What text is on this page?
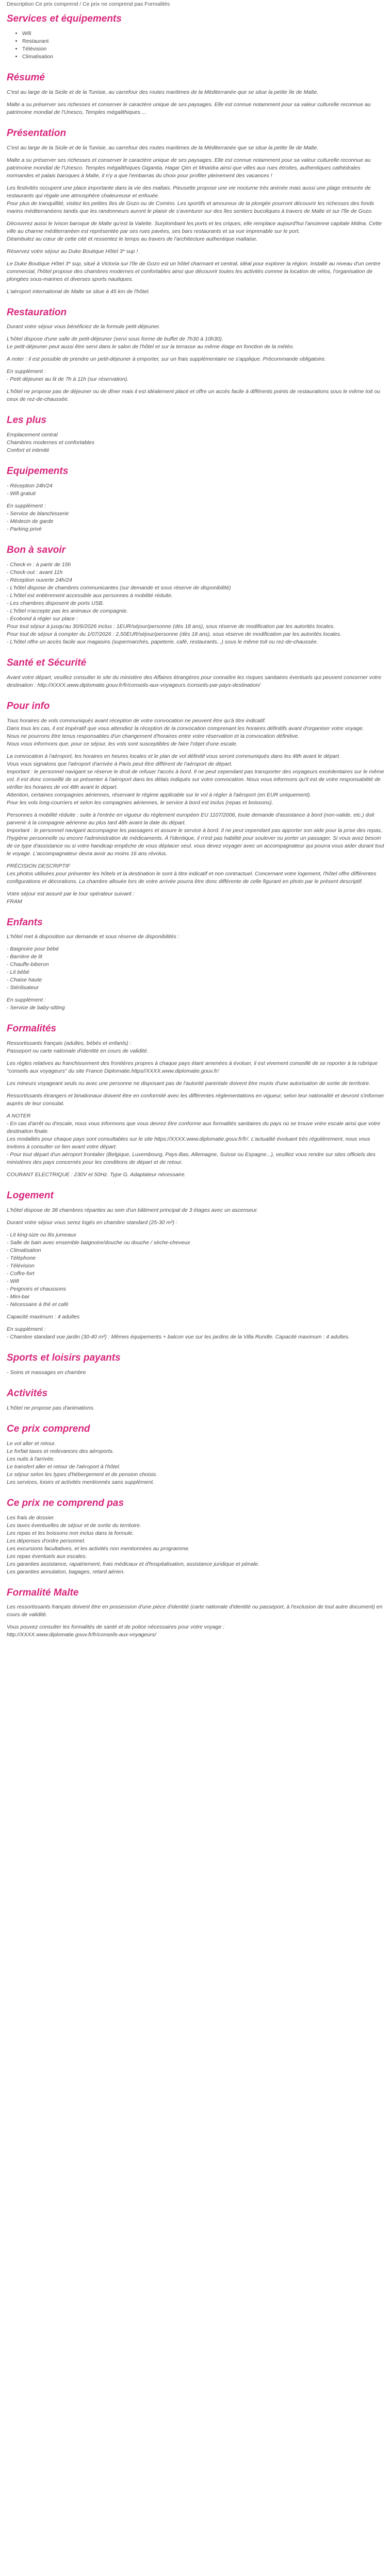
Description Ce prix comprend / Ce prix ne comprend pas Formalités
Services et équipements
• Wifi
• Restaurant
• Télévision
• Climatisation
Résumé

C'est au large de la Sicile et de la Tunisie, au carrefour des routes maritimes de la Méditerranée que se situe la petite île de Malte.

Malte a su préserver ses richesses et conserver le caractère unique de ses paysages. Elle est connue notamment pour sa valeur culturelle reconnue au patrimoine mondial de l'Unesco, Temples mégalithiques ...

Présentation

C'est au large de la Sicile et de la Tunisie, au carrefour des routes maritimes de la Méditerranée que se situe la petite île de Malte.

Malte a su préserver ses richesses et conserver le caractère unique de ses paysages. Elle est connue notamment pour sa valeur culturelle reconnue au patrimoine mondial de l'Unesco. Temples mégalithiques Gigantia, Hagar Qim et Mnaïdra ainsi que villes aux rues étroites, authentiques cathédrales normandes et palais baroques à Malte, il n'y a que l'embarras du choix pour profiter pleinement des vacances !

Les festivités occupent une place importante dans la vie des maltais. Pieusette propose une vie nocturne très animée mais aussi une plage entourée de restaurants qui régale une atmosphère chaleureuse et enfouée.
Pour plus de tranquillité, visitez les petites îles de Gozo ou de Comino. Les sportifs et amoureux de la plongée pourront découvrir les richesses des fonds marins méditerranéens tandis que les randonneurs auront le plaisir de s'aventurer sur des îles sentiers bucoliques à travers de Malte et sur l'île de Gozo.

Découvrez aussi le Ivison baroque de Malte qu'est la Valette. Surplombant les ports et les criques, elle remplace aujourd'hui l'ancienne capitale Mdina. Cette ville au charme méditerranéen est représentée par ses rues pavées, ses bars restaurants et sa vue imprenable sur le port.
Déambulez au cœur de cette cité et ressentez le temps au travers de l'architecture authentique maltaise.

Réservez votre séjour au Duke Boutique Hôtel 3* sup !

Le Duke Boutique Hôtel 3* sup, situé à Victoria sur l'île de Gozo est un hôtel charmant et central, idéal pour explorer la région. Installé au niveau d'un centre commercial, l'hôtel propose des chambres modernes et confortables ainsi que découvrir toutes les activités comme la location de vélos, l'organisation de plongées sous-marines et diverses sports nautiques.

L'aéroport international de Malte se situe à 45 km de l'hôtel.

Restauration

Durant votre séjour vous bénéficiez de la formule petit-déjeuner.

L'hôtel dispose d'une salle de petit-déjeuner (servi sous forme de buffet de 7h30 à 10h30).
Le petit-déjeuner peut aussi être servi dans le salon de l'hôtel et sur la terrasse au même étage en fonction de la météo.

A noter : il est possible de prendre un petit-déjeuner à emporter, sur un frais supplémentaire ne s'applique. Précommande obligatoire.

En supplément :
- Petit déjeuner au lit de 7h à 11h (sur réservation).

L'hôtel ne propose pas de déjeuner ou de dîner mais il est idéalement placé et offre un accès facile à différents points de restaurations sous le même toit ou ceux de rez-de-chaussée.

Les plus

Emplacement central
Chambres modernes et confortables
Confort et intimité

Equipements

- Réception 24h/24
- Wifi gratuit

En supplément :
- Service de blanchisserie
- Médecin de garde
- Parking privé

Bon à savoir

- Check-in : à partir de 15h
- Check-out : avant 11h
- Réception ouverte 24h/24
- L'hôtel dispose de chambres communicantes (sur demande et sous réserve de disponibilité)
- L'hôtel est entièrement accessible aux personnes à mobilité réduite.
- Les chambres disposent de ports USB.
- L'hôtel n'accepte pas les animaux de compagnie.
- Écobond à régler sur place :
Pour tout séjour à jusqu'au 30/6/2026 inclus : 1EUR/séjour/personne (dès 18 ans), sous réserve de modification par les autorités locales.
Pour tout de séjour à compter du 1/07/2026 : 2,50EUR/séjour/personne (dès 18 ans), sous réserve de modification par les autorités locales.
- L'hôtel offre un accès facile aux magasins (supermarchés, papeterie, café, restaurants...) sous le même toit ou rez-de-chaussée.

Santé et Sécurité

Avant votre départ, veuillez consulter le site du ministère des Affaires étrangères pour connaître les risques sanitaires éventuels qui peuvent concerner votre destination : http://XXXX.www.diplomatie.gouv.fr/fr/conseils-aux-voyageurs /conseils-par-pays-destination/

Pour info

Tous horaires de vols communiqués avant réception de votre convocation ne peuvent être qu'à titre indicatif.
Dans tous les cas, il est impératif que vous attendiez la réception de la convocation comprenant les horaires définitifs avant d'organiser votre voyage.
Nous ne pourrons être tenus responsables d'un changement d'horaires entre votre réservation et la convocation définitive.
Nous vous informons que, pour ce séjour, les vols sont susceptibles de faire l'objet d'une escale.

La convocation à l'aéroport, les horaires en heures locales et le plan de vol définitif vous seront communiqués dans les 48h avant le départ.
Vous vous signalons que l'aéroport d'arrivée à Paris peut être différent de l'aéroport de départ.
Important : le personnel navigant se réserve le droit de refuser l'accès à bord. Il ne peut cependant pas transporter des voyageurs excédentaires sur le même vol. Il est donc conseillé de se présenter à l'aéroport dans les délais indiqués sur votre convocation. Nous vous informons qu'il est de votre responsabilité de vérifier les horaires de vol 48h avant le départ.
Attention, certaines compagnies aériennes, réservant le régime applicable sur le vol à régler à l'aéroport (en EUR uniquement).
Pour les vols long-courriers et selon les compagnies aériennes, le service à bord est inclus (repas et boissons).

Personnes à mobilité réduite : suite à l'entrée en vigueur du règlement européen EU 1107/2006, toute demande d'assistance à bord (non-valide, etc.) doit parvenir à la compagnie aérienne au plus tard 48h avant la date du départ.
Important : le personnel navigant accompagne les passagers et assure le service à bord. Il ne peut cependant pas apporter son aide pour la prise des repas, l'hygiène personnelle ou encore l'administration de médicaments. À l'identique, il n'est pas habilité pour soulever ou porter un passager. Si vous avez besoin de ce type d'assistance ou si votre handicap empêche de vous déplacer seul, vous devez voyager avec un accompagnateur qui pourra vous aider durant tout le voyage. L'accompagnateur devra avoir au moins 16 ans révolus.

PRÉCISION DESCRIPTIF
Les photos utilisées pour présenter les hôtels et la destination le sont à titre indicatif et non contractuel. Concernant votre logement, l'hôtel offre différentes configurations et décorations. La chambre allouée lors de votre arrivée pourra être donc différente de celle figurant en photo par le présent descriptif.

Votre séjour est assuré par le tour opérateur suivant :
FRAM

Enfants

L'hôtel met à disposition sur demande et sous réserve de disponibilités :

- Baignoire pour bébé
- Barrière de lit
- Chauffe-biberon
- Lit bébé
- Chaise haute
- Stérilisateur

En supplément :
- Service de baby-sitting

Formalités

Ressortissants français (adultes, bébés et enfants) :
Passeport ou carte nationale d'identité en cours de validité.

Les règles relatives au franchissement des frontières propres à chaque pays étant amenées à évoluer, il est vivement conseillé de se reporter à la rubrique "conseils aux voyageurs" du site France Diplomatie.https//XXXX.www.diplomatie.gouv.fr/

Les mineurs voyageant seuls ou avec une personne ne disposant pas de l'autorité parentale doivent être munis d'une autorisation de sortie de territoire.

Ressortissants étrangers et binationaux doivent être en conformité avec les différentes réglementations en vigueur, selon leur nationalité et devront s'informer auprès de leur consulat.

A NOTER
- En cas d'arrêt ou d'escale, nous vous informons que vous devrez être conforme aux formalités sanitaires du pays où se trouve votre escale ainsi que votre destination finale.
Les modalités pour chaque pays sont consultables sur le site https://XXXX.www.diplomatie.gouv.fr/fr/. L'actualité évoluant très régulièrement, nous vous invitons à consulter ce lien avant votre départ.
- Pour tout départ d'un aéroport frontalier (Belgique, Luxembourg, Pays-Bas, Allemagne, Suisse ou Espagne...), veuillez vous rendre sur sites officiels des ministères des pays concernés pour les conditions de départ et de retour.

COURANT ELECTRIQUE : 230V et 50Hz. Type G. Adaptateur nécessaire.

Logement

L'hôtel dispose de 38 chambres réparties au sein d'un bâtiment principal de 3 étages avec un ascenseur.

Durant votre séjour vous serez logés en chambre standard (25-30 m²) :

- Lit king-size ou lits jumeaux
- Salle de bain avec ensemble baignoire/douche ou douche / sèche-cheveux
- Climatisation
- Téléphone
- Télévision
- Coffre-fort
- Wifi
- Peignoirs et chaussons
- Mini-bar
- Nécessaire à thé et café

Capacité maximum : 4 adultes

En supplément :
- Chambre standard vue jardin (30-40 m²) : Mêmes équipements + balcon vue sur les jardins de la Villa Rundle. Capacité maximum : 4 adultes.

Sports et loisirs payants

- Soins et massages en chambre

Activités

L'hôtel ne propose pas d'animations.

Ce prix comprend

Le vol aller et retour.
Le forfait taxes et redevances des aéroports.
Les nuits à l'arrivée.
Le transfert aller et retour de l'aéroport à l'hôtel.
Le séjour selon les types d'hébergement et de pension choisis.
Les services, loisirs et activités mentionnés sans supplément.

Ce prix ne comprend pas

Les frais de dossier.
Les taxes éventuelles de séjour et de sortie du territoire.
Les repas et les boissons non inclus dans la formule.
Les dépenses d'ordre personnel.
Les excursions facultatives, et les activités non mentionnées au programme.
Les repas éventuels aux escales.
Les garanties assistance, rapatriement, frais médicaux et d'hospitalisation, assistance juridique et pénale.
Les garanties annulation, bagages, retard aérien.

Formalité Malte

Les ressortissants français doivent être en possession d'une pièce d'identité (carte nationale d'identité ou passeport, à l'exclusion de tout autre document) en cours de validité.

Vous pouvez consulter les formalités de santé et de police nécessaires pour votre voyage :
http://XXXX.www.diplomatie.gouv.fr/fr/conseils-aux-voyageurs/
